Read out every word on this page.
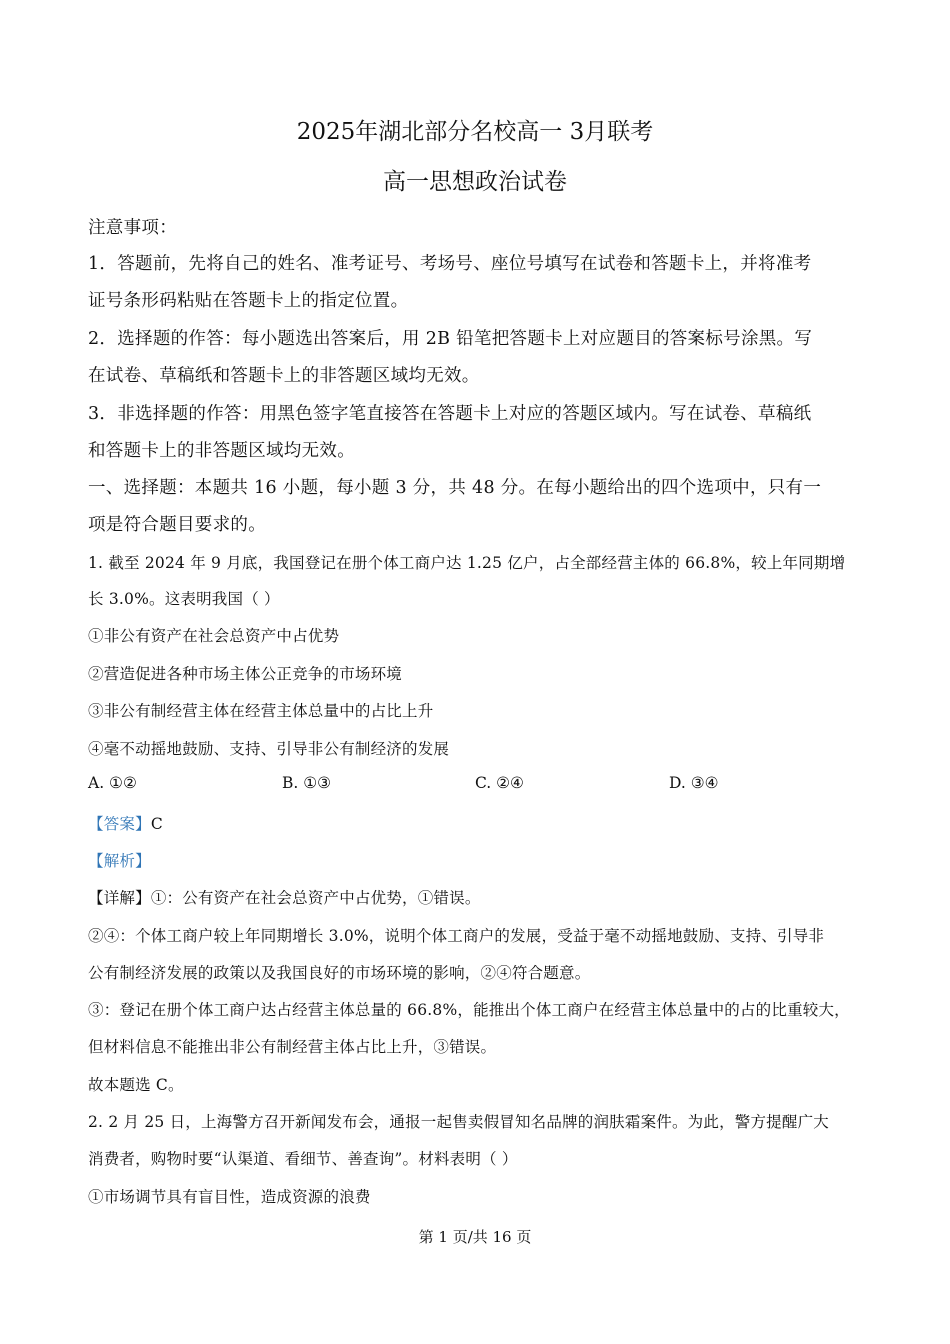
2025年湖北部分名校高一 3月联考
高一思想政治试卷
注意事项：
1．答题前，先将自己的姓名、准考证号、考场号、座位号填写在试卷和答题卡上，并将准考
证号条形码粘贴在答题卡上的指定位置。
2．选择题的作答：每小题选出答案后，用 2B 铅笔把答题卡上对应题目的答案标号涂黑。写
在试卷、草稿纸和答题卡上的非答题区域均无效。
3．非选择题的作答：用黑色签字笔直接答在答题卡上对应的答题区域内。写在试卷、草稿纸
和答题卡上的非答题区域均无效。
一、选择题：本题共 16 小题，每小题 3 分，共 48 分。在每小题给出的四个选项中，只有一
项是符合题目要求的。
1. 截至 2024 年 9 月底，我国登记在册个体工商户达 1.25 亿户，占全部经营主体的 66.8%，较上年同期增
长 3.0%。这表明我国（ ）
①非公有资产在社会总资产中占优势
②营造促进各种市场主体公正竞争的市场环境
③非公有制经营主体在经营主体总量中的占比上升
④毫不动摇地鼓励、支持、引导非公有制经济的发展
A. ①②	B. ①③	C. ②④	D. ③④
【答案】C
【解析】
【详解】①：公有资产在社会总资产中占优势，①错误。
②④：个体工商户较上年同期增长 3.0%，说明个体工商户的发展，受益于毫不动摇地鼓励、支持、引导非
公有制经济发展的政策以及我国良好的市场环境的影响，②④符合题意。
③：登记在册个体工商户达占经营主体总量的 66.8%，能推出个体工商户在经营主体总量中的占的比重较大，
但材料信息不能推出非公有制经营主体占比上升，③错误。
故本题选 C。
2. 2 月 25 日，上海警方召开新闻发布会，通报一起售卖假冒知名品牌的润肤霜案件。为此，警方提醒广大
消费者，购物时要“认渠道、看细节、善查询”。材料表明（ ）
①市场调节具有盲目性，造成资源的浪费
第 1 页/共 16 页
